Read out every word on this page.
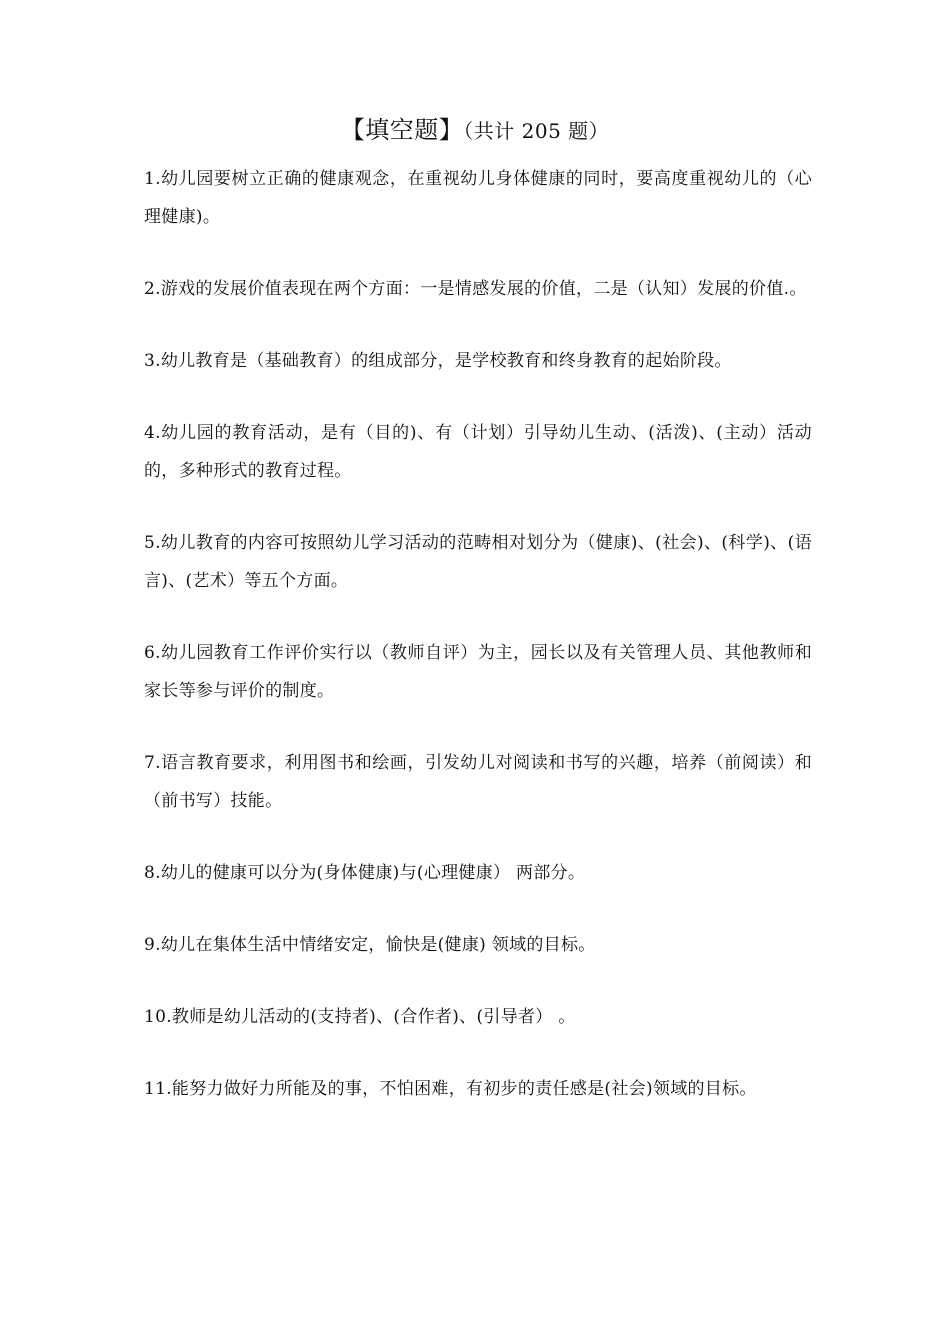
【填空题】（共计 205 题）

1.幼儿园要树立正确的健康观念，在重视幼儿身体健康的同时，要高度重视幼儿的（心理健康)。

2.游戏的发展价值表现在两个方面：一是情感发展的价值，二是（认知）发展的价值.。

3.幼儿教育是（基础教育）的组成部分，是学校教育和终身教育的起始阶段。

4.幼儿园的教育活动，是有（目的)、有（计划）引导幼儿生动、(活泼)、(主动）活动的，多种形式的教育过程。

5.幼儿教育的内容可按照幼儿学习活动的范畴相对划分为（健康)、(社会)、(科学)、(语言)、(艺术）等五个方面。

6.幼儿园教育工作评价实行以（教师自评）为主，园长以及有关管理人员、其他教师和家长等参与评价的制度。

7.语言教育要求，利用图书和绘画，引发幼儿对阅读和书写的兴趣，培养（前阅读）和（前书写）技能。

8.幼儿的健康可以分为(身体健康)与(心理健康） 两部分。

9.幼儿在集体生活中情绪安定，愉快是(健康) 领域的目标。

10.教师是幼儿活动的(支持者)、(合作者)、(引导者） 。

11.能努力做好力所能及的事，不怕困难，有初步的责任感是(社会)领域的目标。
